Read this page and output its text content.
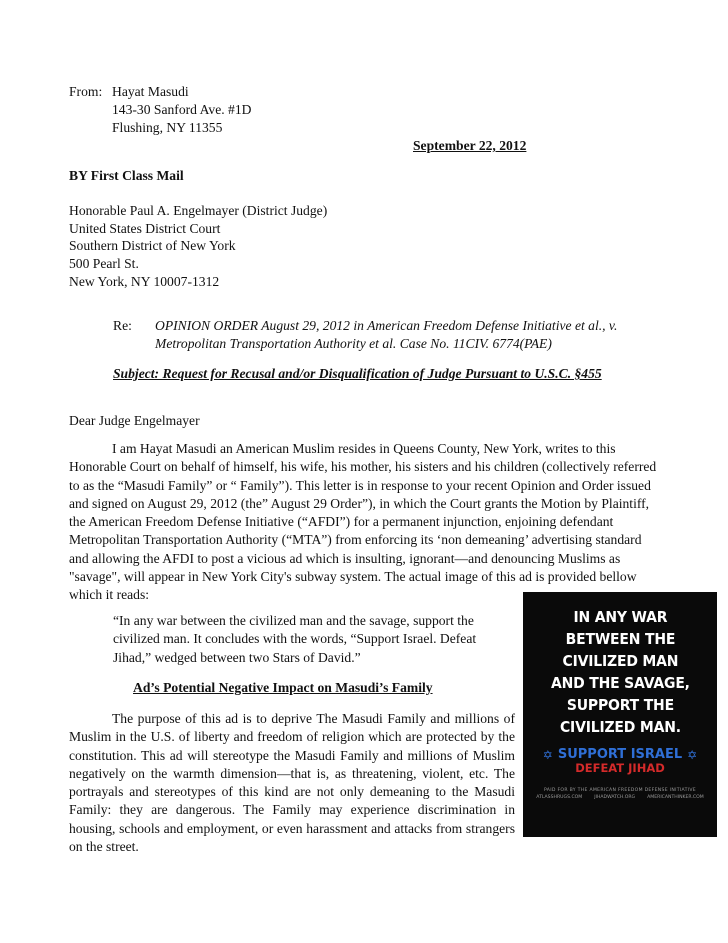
From: Hayat Masudi
143-30 Sanford Ave. #1D
Flushing, NY 11355
September 22, 2012
BY First Class Mail
Honorable Paul A. Engelmayer (District Judge)
United States District Court
Southern District of New York
500 Pearl St.
New York, NY 10007-1312
Re: OPINION ORDER August 29, 2012 in American Freedom Defense Initiative et al., v.
Metropolitan Transportation Authority et al. Case No. 11CIV. 6774(PAE)
Subject: Request for Recusal and/or Disqualification of Judge Pursuant to U.S.C. §455
Dear Judge Engelmayer
I am Hayat Masudi an American Muslim resides in Queens County, New York, writes to this Honorable Court on behalf of himself, his wife, his mother, his sisters and his children (collectively referred to as the “Masudi Family” or “ Family”). This letter is in response to your recent Opinion and Order issued and signed on August 29, 2012 (the” August 29 Order”), in which the Court grants the Motion by Plaintiff, the American Freedom Defense Initiative (“AFDI”) for a permanent injunction, enjoining defendant Metropolitan Transportation Authority (“MTA”) from enforcing its ‘non demeaning’ advertising standard and allowing the AFDI to post a vicious ad which is insulting, ignorant—and denouncing Muslims as "savage", will appear in New York City's subway system. The actual image of this ad is provided bellow which it reads:
“In any war between the civilized man and the savage, support the civilized man. It concludes with the words, “Support Israel. Defeat Jihad,” wedged between two Stars of David.”
Ad’s Potential Negative Impact on Masudi’s Family
The purpose of this ad is to deprive The Masudi Family and millions of Muslim in the U.S. of liberty and freedom of religion which are protected by the constitution. This ad will stereotype the Masudi Family and millions of Muslim negatively on the warmth dimension—that is, as threatening, violent, etc. The portrayals and stereotypes of this kind are not only demeaning to the Masudi Family: they are dangerous. The Family may experience discrimination in housing, schools and employment, or even harassment and attacks from strangers on the street.
IN ANY WAR
BETWEEN THE
CIVILIZED MAN
AND THE SAVAGE,
SUPPORT THE
CIVILIZED MAN.
✡ SUPPORT ISRAEL ✡
DEFEAT JIHAD
PAID FOR BY THE AMERICAN FREEDOM DEFENSE INITIATIVE
ATLASSHRUGS.COM	JIHADWATCH.ORG	AMERICANTHINKER.COM
